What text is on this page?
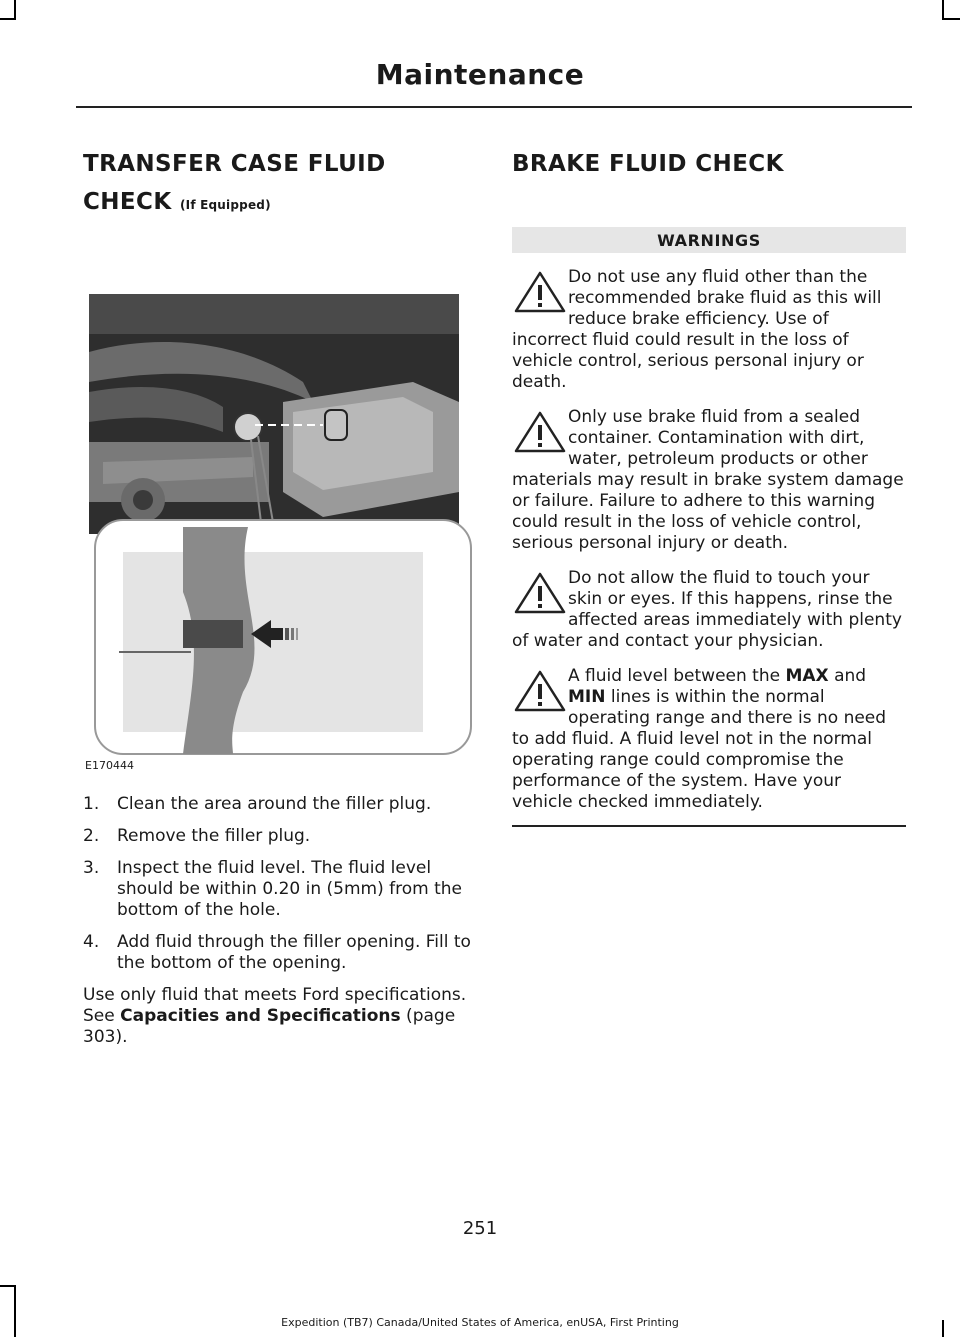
Maintenance
TRANSFER CASE FLUID
CHECK (If Equipped)
E170444
1. Clean the area around the filler plug.
2. Remove the filler plug.
3. Inspect the fluid level. The fluid level should be within 0.20 in (5mm) from the bottom of the hole.
4. Add fluid through the filler opening. Fill to the bottom of the opening.
Use only fluid that meets Ford specifications. See Capacities and Specifications (page 303).
BRAKE FLUID CHECK
WARNINGS
Do not use any fluid other than the recommended brake fluid as this will reduce brake efficiency. Use of incorrect fluid could result in the loss of vehicle control, serious personal injury or death.
Only use brake fluid from a sealed container. Contamination with dirt, water, petroleum products or other materials may result in brake system damage or failure. Failure to adhere to this warning could result in the loss of vehicle control, serious personal injury or death.
Do not allow the fluid to touch your skin or eyes. If this happens, rinse the affected areas immediately with plenty of water and contact your physician.
A fluid level between the MAX and MIN lines is within the normal operating range and there is no need to add fluid. A fluid level not in the normal operating range could compromise the performance of the system. Have your vehicle checked immediately.
251
Expedition (TB7) Canada/United States of America, enUSA, First Printing
